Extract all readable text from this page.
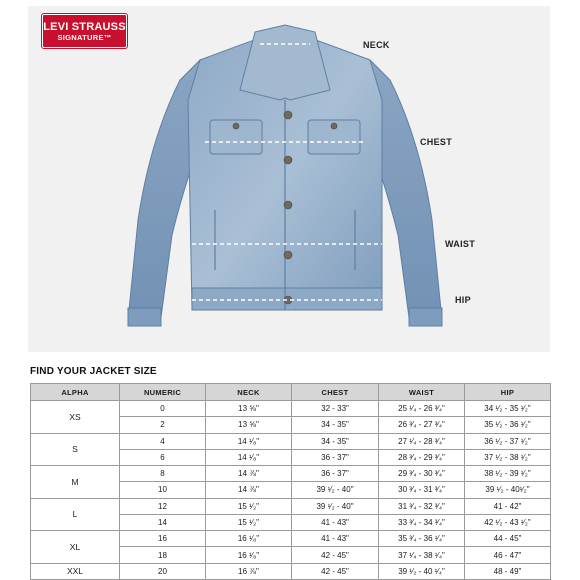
LEVI STRAUSS
SIGNATURE™
NECK
CHEST
WAIST
HIP
FIND YOUR JACKET SIZE
ALPHA	NUMERIC	NECK	CHEST	WAIST	HIP
XS	0	13 ⅝"	32 - 33"	25 ¹⁄₄ - 26 ³⁄₄"	34 ¹⁄₂ - 35 ¹⁄₂"
	2	13 ⅝"	34 - 35"	26 ³⁄₄ - 27 ³⁄₄"	35 ¹⁄₂ - 36 ¹⁄₂"
S	4	14 ¹⁄₈"	34 - 35"	27 ¹⁄₄ - 28 ³⁄₄"	36 ¹⁄₂ - 37 ¹⁄₂"
	6	14 ¹⁄₈"	36 - 37"	28 ³⁄₄ - 29 ³⁄₄"	37 ¹⁄₂ - 38 ¹⁄₂"
M	8	14 ⅞"	36 - 37"	29 ³⁄₄ - 30 ³⁄₄"	38 ¹⁄₂ - 39 ¹⁄₂"
	10	14 ⅞"	39 ¹⁄₂ - 40"	30 ³⁄₄ - 31 ³⁄₄"	39 ¹⁄₂ - 40¹⁄₂"
L	12	15 ¹⁄₂"	39 ¹⁄₂ - 40"	31 ³⁄₄ - 32 ³⁄₄"	41 - 42"
	14	15 ¹⁄₂"	41 - 43"	33 ³⁄₄ - 34 ³⁄₄"	42 ¹⁄₂ - 43 ¹⁄₂"
XL	16	16 ¹⁄₈"	41 - 43"	35 ³⁄₄ - 36 ¹⁄₄"	44 - 45"
	18	16 ¹⁄₈"	42 - 45"	37 ¹⁄₄ - 38 ¹⁄₄"	46 - 47"
XXL	20	16 ⅞"	42 - 45"	39 ¹⁄₂ - 40 ¹⁄₄"	48 - 49"
